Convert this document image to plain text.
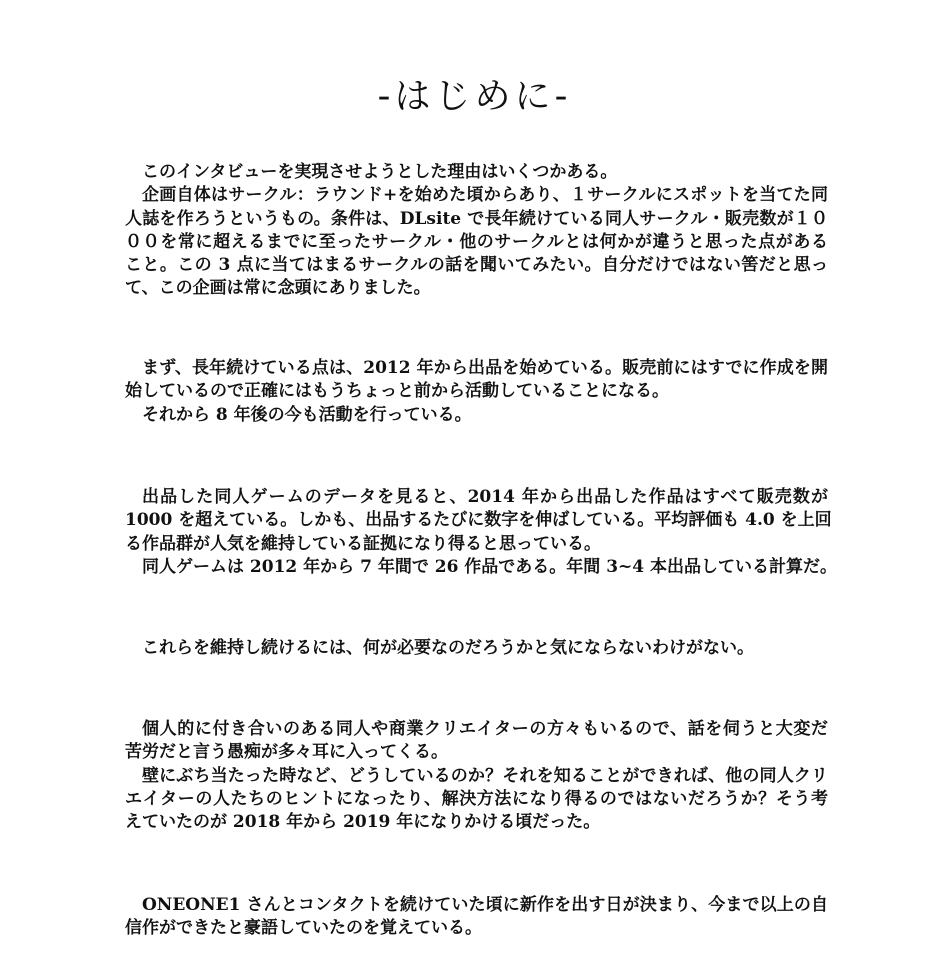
-はじめに-
このインタビューを実現させようとした理由はいくつかある。
企画自体はサークル：ラウンド+を始めた頃からあり、１サークルにスポットを当てた同
人誌を作ろうというもの。条件は、DLsite で長年続けている同人サークル・販売数が１０
００を常に超えるまでに至ったサークル・他のサークルとは何かが違うと思った点がある
こと。この 3 点に当てはまるサークルの話を聞いてみたい。自分だけではない筈だと思っ
て、この企画は常に念頭にありました。
まず、長年続けている点は、2012 年から出品を始めている。販売前にはすでに作成を開
始しているので正確にはもうちょっと前から活動していることになる。
それから 8 年後の今も活動を行っている。
出品した同人ゲームのデータを見ると、2014 年から出品した作品はすべて販売数が
1000 を超えている。しかも、出品するたびに数字を伸ばしている。平均評価も 4.0 を上回
る作品群が人気を維持している証拠になり得ると思っている。
同人ゲームは 2012 年から 7 年間で 26 作品である。年間 3~4 本出品している計算だ。
これらを維持し続けるには、何が必要なのだろうかと気にならないわけがない。
個人的に付き合いのある同人や商業クリエイターの方々もいるので、話を伺うと大変だ
苦労だと言う愚痴が多々耳に入ってくる。
壁にぶち当たった時など、どうしているのか？それを知ることができれば、他の同人クリ
エイターの人たちのヒントになったり、解決方法になり得るのではないだろうか？そう考
えていたのが 2018 年から 2019 年になりかける頃だった。
ONEONE1 さんとコンタクトを続けていた頃に新作を出す日が決まり、今まで以上の自
信作ができたと豪語していたのを覚えている。
